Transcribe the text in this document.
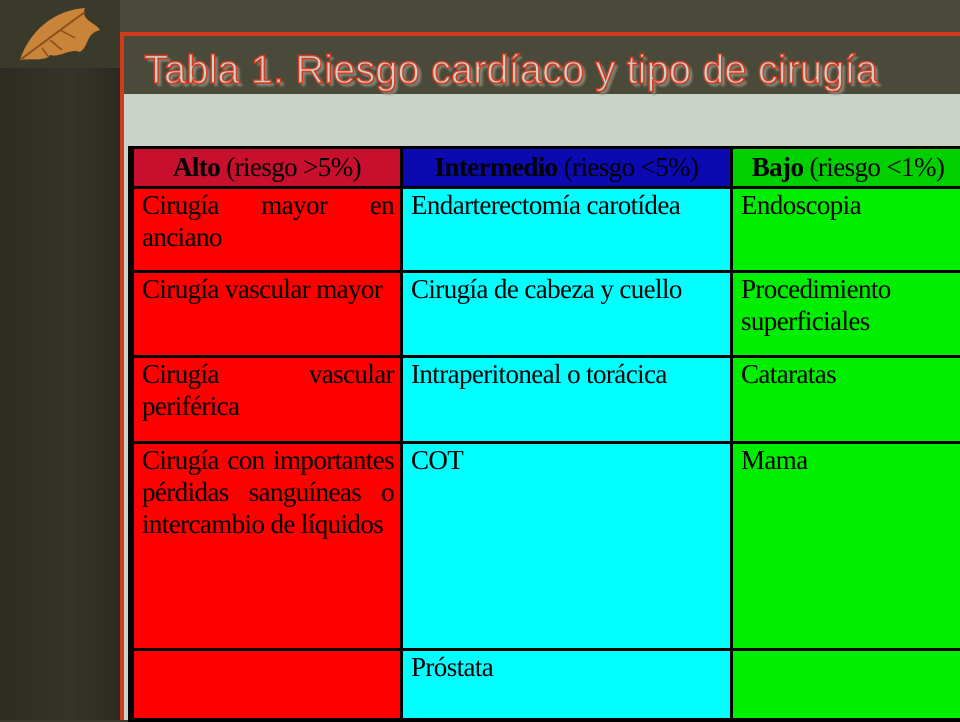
Tabla 1. Riesgo cardíaco y tipo de cirugía
Alto (riesgo >5%)	Intermedio (riesgo <5%)	Bajo (riesgo <1%)
Cirugía mayor en anciano	Endarterectomía carotídea	Endoscopia
Cirugía vascular mayor	Cirugía de cabeza y cuello	Procedimiento superficiales
Cirugía vascular periférica	Intraperitoneal o torácica	Cataratas
Cirugía con importantes pérdidas sanguíneas o intercambio de líquidos	COT	Mama
	Próstata	
